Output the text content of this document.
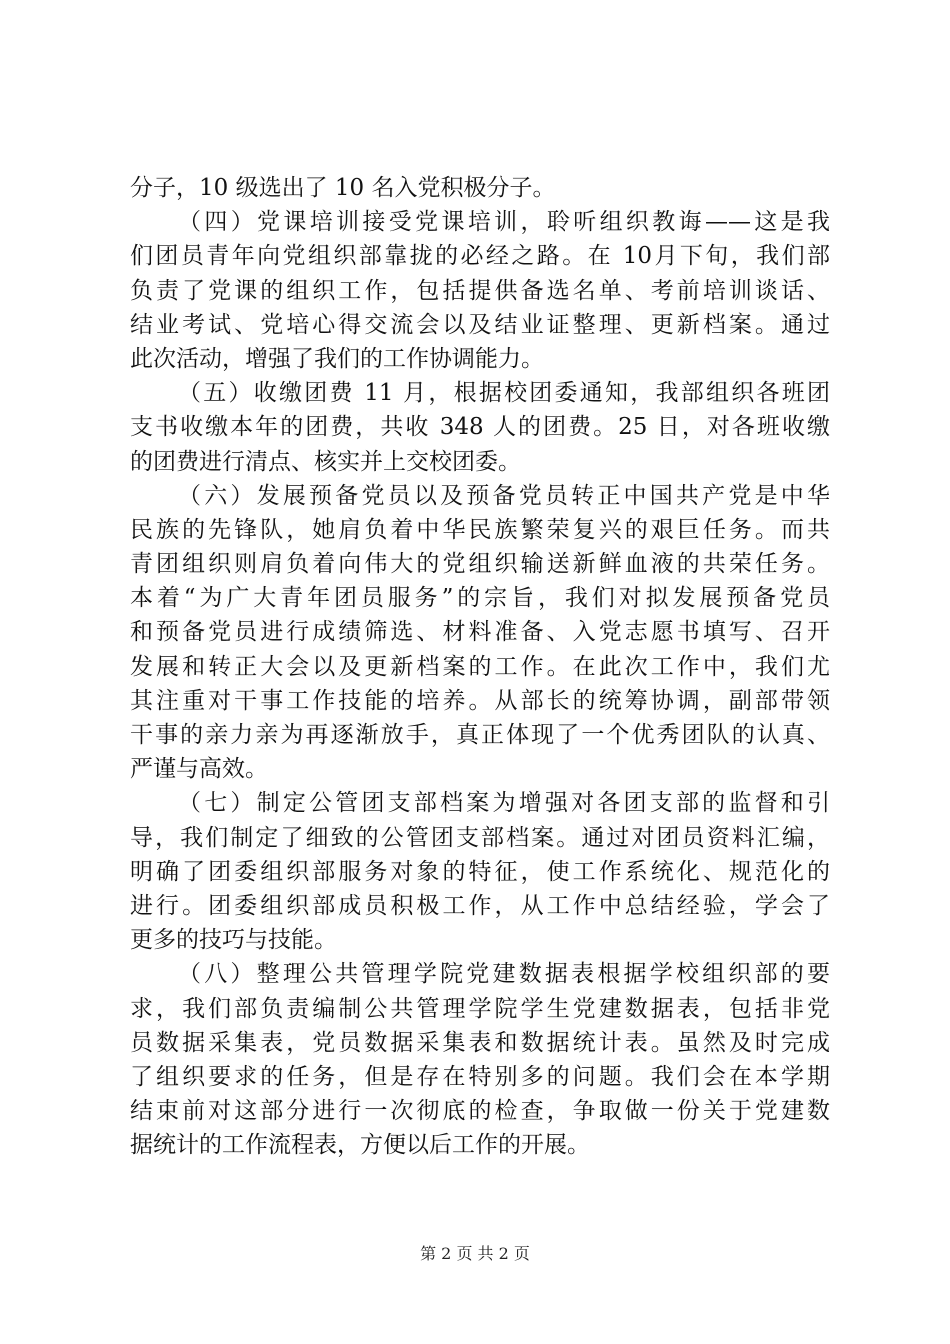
分子，10 级选出了 10 名入党积极分子。
（四）党课培训接受党课培训，聆听组织教诲——这是我
们团员青年向党组织部靠拢的必经之路。在 10月下旬，我们部
负责了党课的组织工作，包括提供备选名单、考前培训谈话、
结业考试、党培心得交流会以及结业证整理、更新档案。通过
此次活动，增强了我们的工作协调能力。
（五）收缴团费 11 月，根据校团委通知，我部组织各班团
支书收缴本年的团费，共收 348 人的团费。25 日，对各班收缴
的团费进行清点、核实并上交校团委。
（六）发展预备党员以及预备党员转正中国共产党是中华
民族的先锋队，她肩负着中华民族繁荣复兴的艰巨任务。而共
青团组织则肩负着向伟大的党组织输送新鲜血液的共荣任务。
本着“为广大青年团员服务”的宗旨，我们对拟发展预备党员
和预备党员进行成绩筛选、材料准备、入党志愿书填写、召开
发展和转正大会以及更新档案的工作。在此次工作中，我们尤
其注重对干事工作技能的培养。从部长的统筹协调，副部带领
干事的亲力亲为再逐渐放手，真正体现了一个优秀团队的认真、
严谨与高效。
（七）制定公管团支部档案为增强对各团支部的监督和引
导，我们制定了细致的公管团支部档案。通过对团员资料汇编，
明确了团委组织部服务对象的特征，使工作系统化、规范化的
进行。团委组织部成员积极工作，从工作中总结经验，学会了
更多的技巧与技能。
（八）整理公共管理学院党建数据表根据学校组织部的要
求，我们部负责编制公共管理学院学生党建数据表，包括非党
员数据采集表，党员数据采集表和数据统计表。虽然及时完成
了组织要求的任务，但是存在特别多的问题。我们会在本学期
结束前对这部分进行一次彻底的检查，争取做一份关于党建数
据统计的工作流程表，方便以后工作的开展。
第 2 页 共 2 页
